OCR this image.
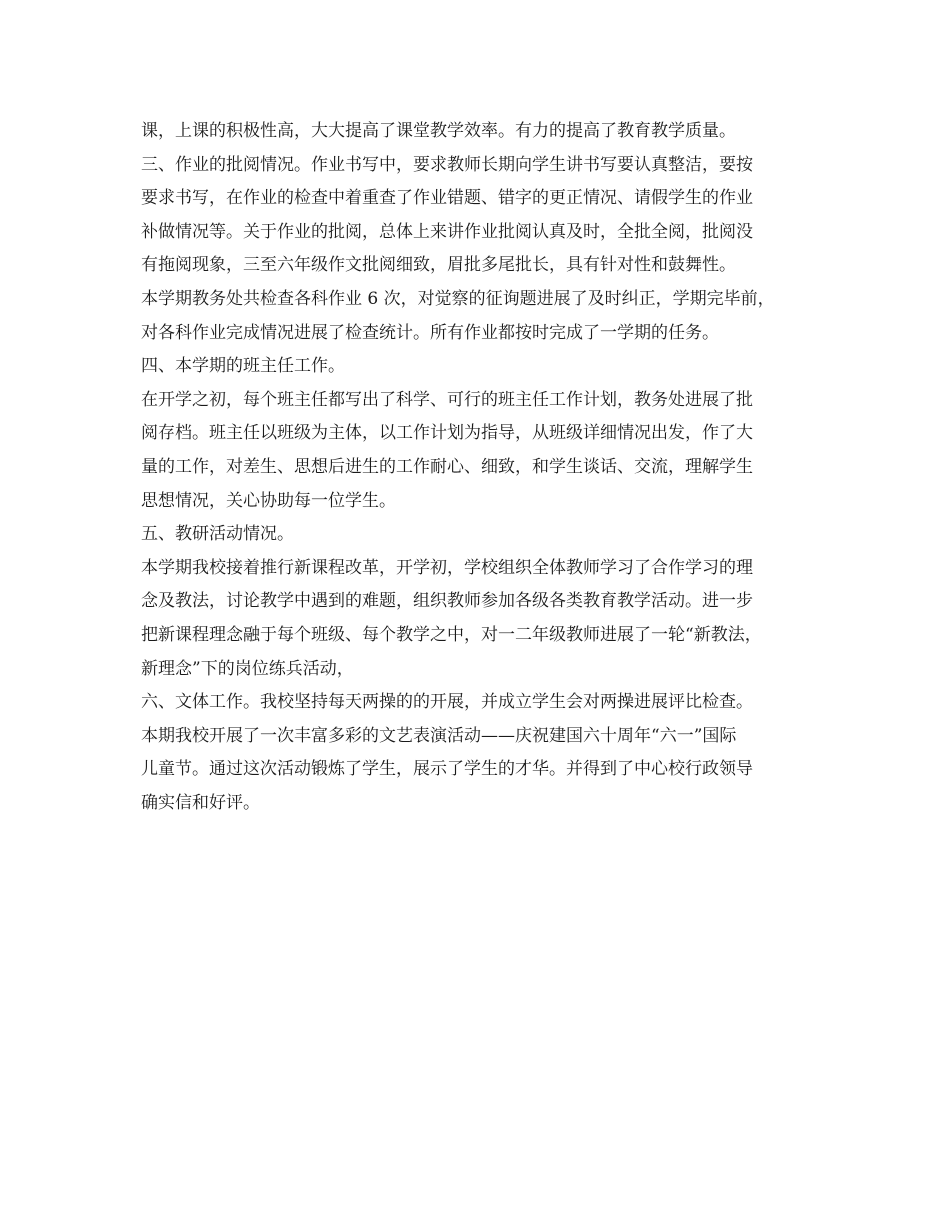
课，上课的积极性高，大大提高了课堂教学效率。有力的提高了教育教学质量。
三、作业的批阅情况。作业书写中，要求教师长期向学生讲书写要认真整洁，要按
要求书写，在作业的检查中着重查了作业错题、错字的更正情况、请假学生的作业
补做情况等。关于作业的批阅，总体上来讲作业批阅认真及时，全批全阅，批阅没
有拖阅现象，三至六年级作文批阅细致，眉批多尾批长，具有针对性和鼓舞性。
本学期教务处共检查各科作业 6 次，对觉察的征询题进展了及时纠正，学期完毕前，
对各科作业完成情况进展了检查统计。所有作业都按时完成了一学期的任务。
四、本学期的班主任工作。
在开学之初，每个班主任都写出了科学、可行的班主任工作计划，教务处进展了批
阅存档。班主任以班级为主体，以工作计划为指导，从班级详细情况出发，作了大
量的工作，对差生、思想后进生的工作耐心、细致，和学生谈话、交流，理解学生
思想情况，关心协助每一位学生。
五、教研活动情况。
本学期我校接着推行新课程改革，开学初，学校组织全体教师学习了合作学习的理
念及教法，讨论教学中遇到的难题，组织教师参加各级各类教育教学活动。进一步
把新课程理念融于每个班级、每个教学之中，对一二年级教师进展了一轮“新教法，
新理念”下的岗位练兵活动，
六、文体工作。我校坚持每天两操的的开展，并成立学生会对两操进展评比检查。
本期我校开展了一次丰富多彩的文艺表演活动——庆祝建国六十周年“六一”国际
儿童节。通过这次活动锻炼了学生，展示了学生的才华。并得到了中心校行政领导
确实信和好评。
